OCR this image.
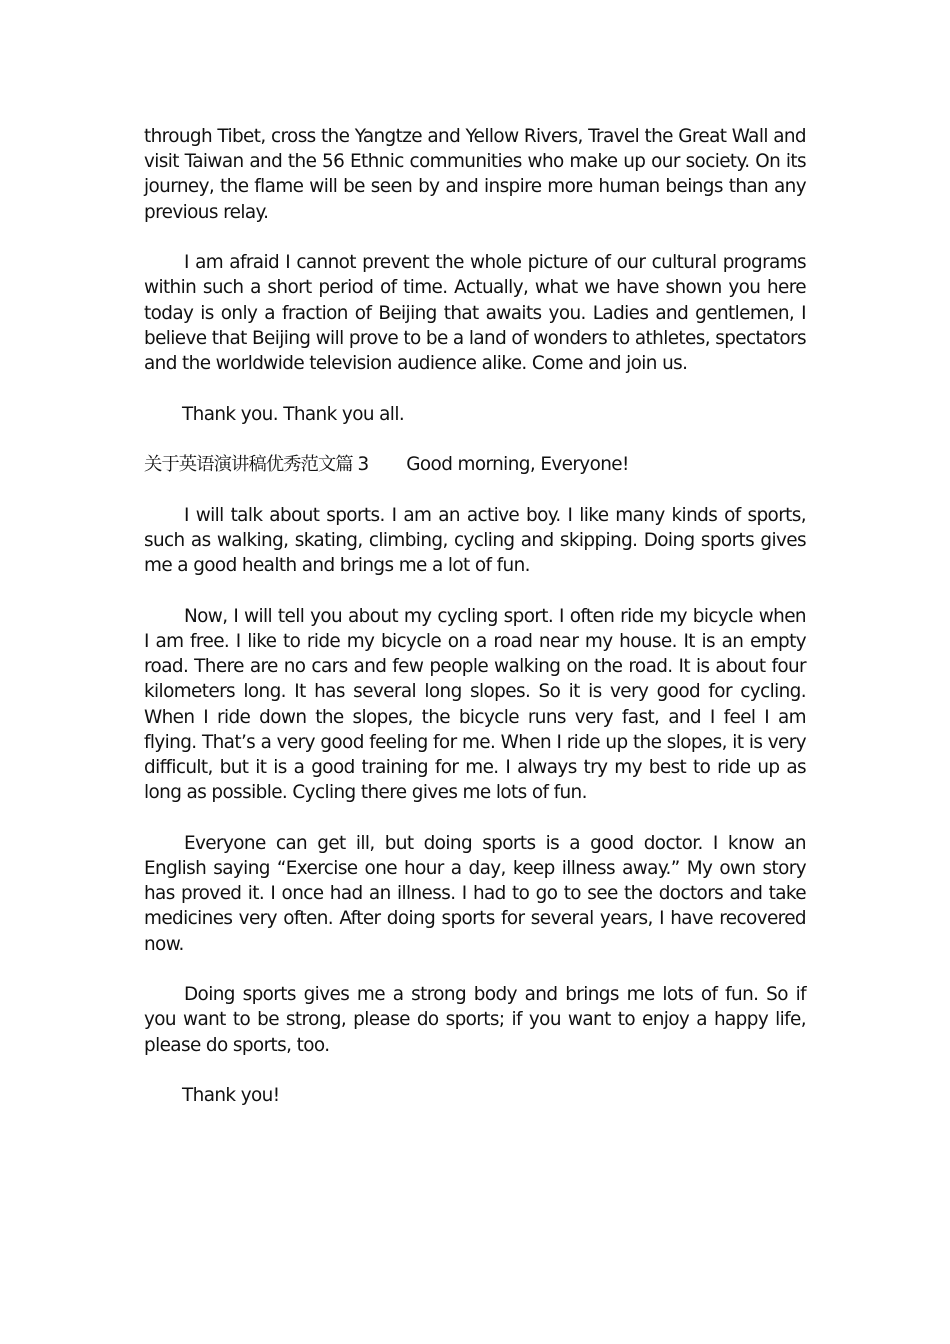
through Tibet, cross the Yangtze and Yellow Rivers, Travel the Great Wall and visit Taiwan and the 56 Ethnic communities who make up our society. On its journey, the flame will be seen by and inspire more human beings than any previous relay.

I am afraid I cannot prevent the whole picture of our cultural programs within such a short period of time. Actually, what we have shown you here today is only a fraction of Beijing that awaits you. Ladies and gentlemen, I believe that Beijing will prove to be a land of wonders to athletes, spectators and the worldwide television audience alike. Come and join us.

Thank you. Thank you all.

关于英语演讲稿优秀范文篇 3 Good morning, Everyone!

I will talk about sports. I am an active boy. I like many kinds of sports, such as walking, skating, climbing, cycling and skipping. Doing sports gives me a good health and brings me a lot of fun.

Now, I will tell you about my cycling sport. I often ride my bicycle when I am free. I like to ride my bicycle on a road near my house. It is an empty road. There are no cars and few people walking on the road. It is about four kilometers long. It has several long slopes. So it is very good for cycling. When I ride down the slopes, the bicycle runs very fast, and I feel I am flying. That’s a very good feeling for me. When I ride up the slopes, it is very difficult, but it is a good training for me. I always try my best to ride up as long as possible. Cycling there gives me lots of fun.

Everyone can get ill, but doing sports is a good doctor. I know an English saying “Exercise one hour a day, keep illness away.” My own story has proved it. I once had an illness. I had to go to see the doctors and take medicines very often. After doing sports for several years, I have recovered now.

Doing sports gives me a strong body and brings me lots of fun. So if you want to be strong, please do sports; if you want to enjoy a happy life, please do sports, too.

Thank you!
